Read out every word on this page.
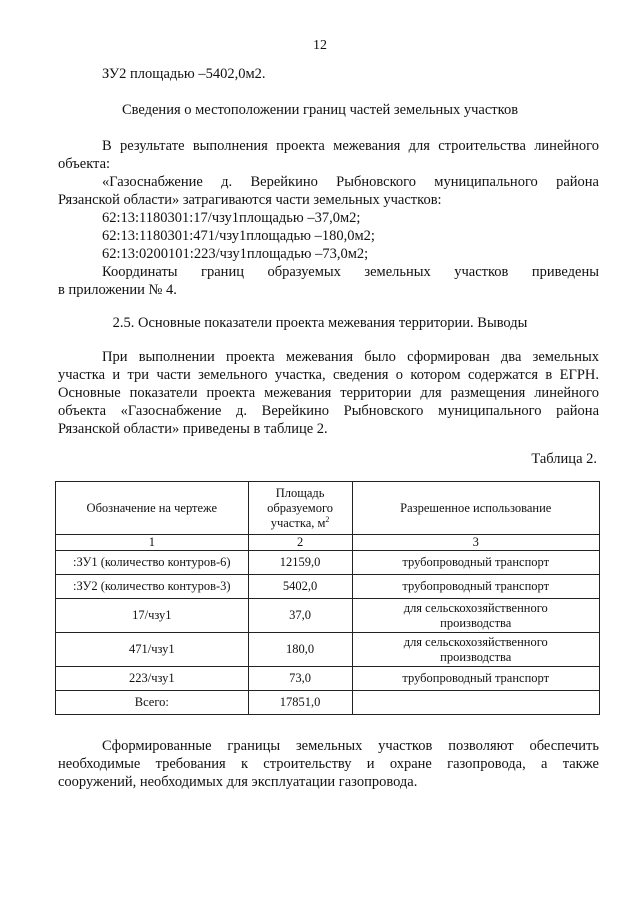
12
ЗУ2 площадью –5402,0м2.
Сведения о местоположении границ частей земельных участков
В результате выполнения проекта межевания для строительства линейного
объекта:
«Газоснабжение д. Верейкино Рыбновского муниципального района
Рязанской области» затрагиваются части земельных участков:
62:13:1180301:17/чзу1площадью –37,0м2;
62:13:1180301:471/чзу1площадью –180,0м2;
62:13:0200101:223/чзу1площадью –73,0м2;
Координаты границ образуемых земельных участков приведены
в приложении № 4.
2.5. Основные показатели проекта межевания территории. Выводы
При выполнении проекта межевания было сформирован два земельных
участка и три части земельного участка, сведения о котором содержатся в ЕГРН.
Основные показатели проекта межевания территории для размещения линейного
объекта «Газоснабжение д. Верейкино Рыбновского муниципального района
Рязанской области» приведены в таблице 2.
Таблица 2.
Обозначение на чертеже	Площадь
образуемого
участка, $м^2$	Разрешенное использование
1	2	3
:ЗУ1 (количество контуров-6)	12159,0	трубопроводный транспорт

:ЗУ2 (количество контуров-3)	5402,0	трубопроводный транспорт

17/чзу1	37,0	для сельскохозяйственного
производства

471/чзу1	180,0	для сельскохозяйственного
производства

223/чзу1	73,0	трубопроводный транспорт

Всего:	17851,0	
Сформированные границы земельных участков позволяют обеспечить
необходимые требования к строительству и охране газопровода, а также
сооружений, необходимых для эксплуатации газопровода.
